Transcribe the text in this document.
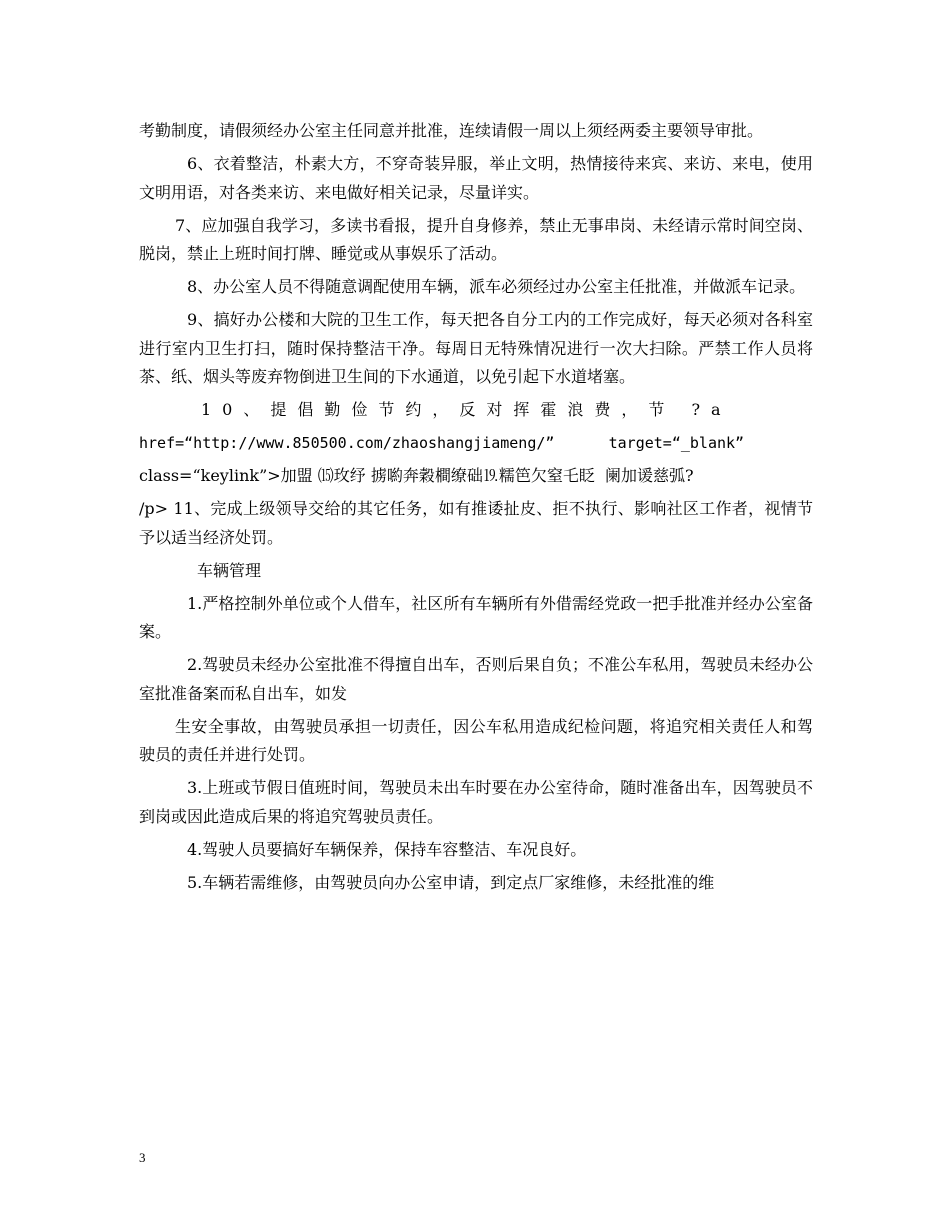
考勤制度，请假须经办公室主任同意并批准，连续请假一周以上须经两委主要领导审批。

6、衣着整洁，朴素大方，不穿奇装异服，举止文明，热情接待来宾、来访、来电，使用文明用语，对各类来访、来电做好相关记录，尽量详实。

7、应加强自我学习，多读书看报，提升自身修养，禁止无事串岗、未经请示常时间空岗、脱岗，禁止上班时间打牌、睡觉或从事娱乐了活动。

8、办公室人员不得随意调配使用车辆，派车必须经过办公室主任批准，并做派车记录。

9、搞好办公楼和大院的卫生工作，每天把各自分工内的工作完成好，每天必须对各科室进行室内卫生打扫，随时保持整洁干净。每周日无特殊情况进行一次大扫除。严禁工作人员将茶、纸、烟头等废弃物倒进卫生间的下水通道，以免引起下水道堵塞。

10、提倡勤俭节约，反对挥霍浪费，节 ?a
href=“http://www.850500.com/zhaoshangjiameng/”      target=“_blank”
class=“keylink”>加盟 ⒂玫纾 掳喲奔穀橺缭础⒚糯笆欠窒乇眨  阑加谖慈弧?
/p> 11、完成上级领导交给的其它任务，如有推诿扯皮、拒不执行、影响社区工作者，视情节予以适当经济处罚。

车辆管理

1.严格控制外单位或个人借车，社区所有车辆所有外借需经党政一把手批准并经办公室备案。

2.驾驶员未经办公室批准不得擅自出车，否则后果自负；不准公车私用，驾驶员未经办公室批准备案而私自出车，如发

生安全事故，由驾驶员承担一切责任，因公车私用造成纪检问题，将追究相关责任人和驾驶员的责任并进行处罚。

3.上班或节假日值班时间，驾驶员未出车时要在办公室待命，随时准备出车，因驾驶员不到岗或因此造成后果的将追究驾驶员责任。

4.驾驶人员要搞好车辆保养，保持车容整洁、车况良好。

5.车辆若需维修，由驾驶员向办公室申请，到定点厂家维修，未经批准的维

3
